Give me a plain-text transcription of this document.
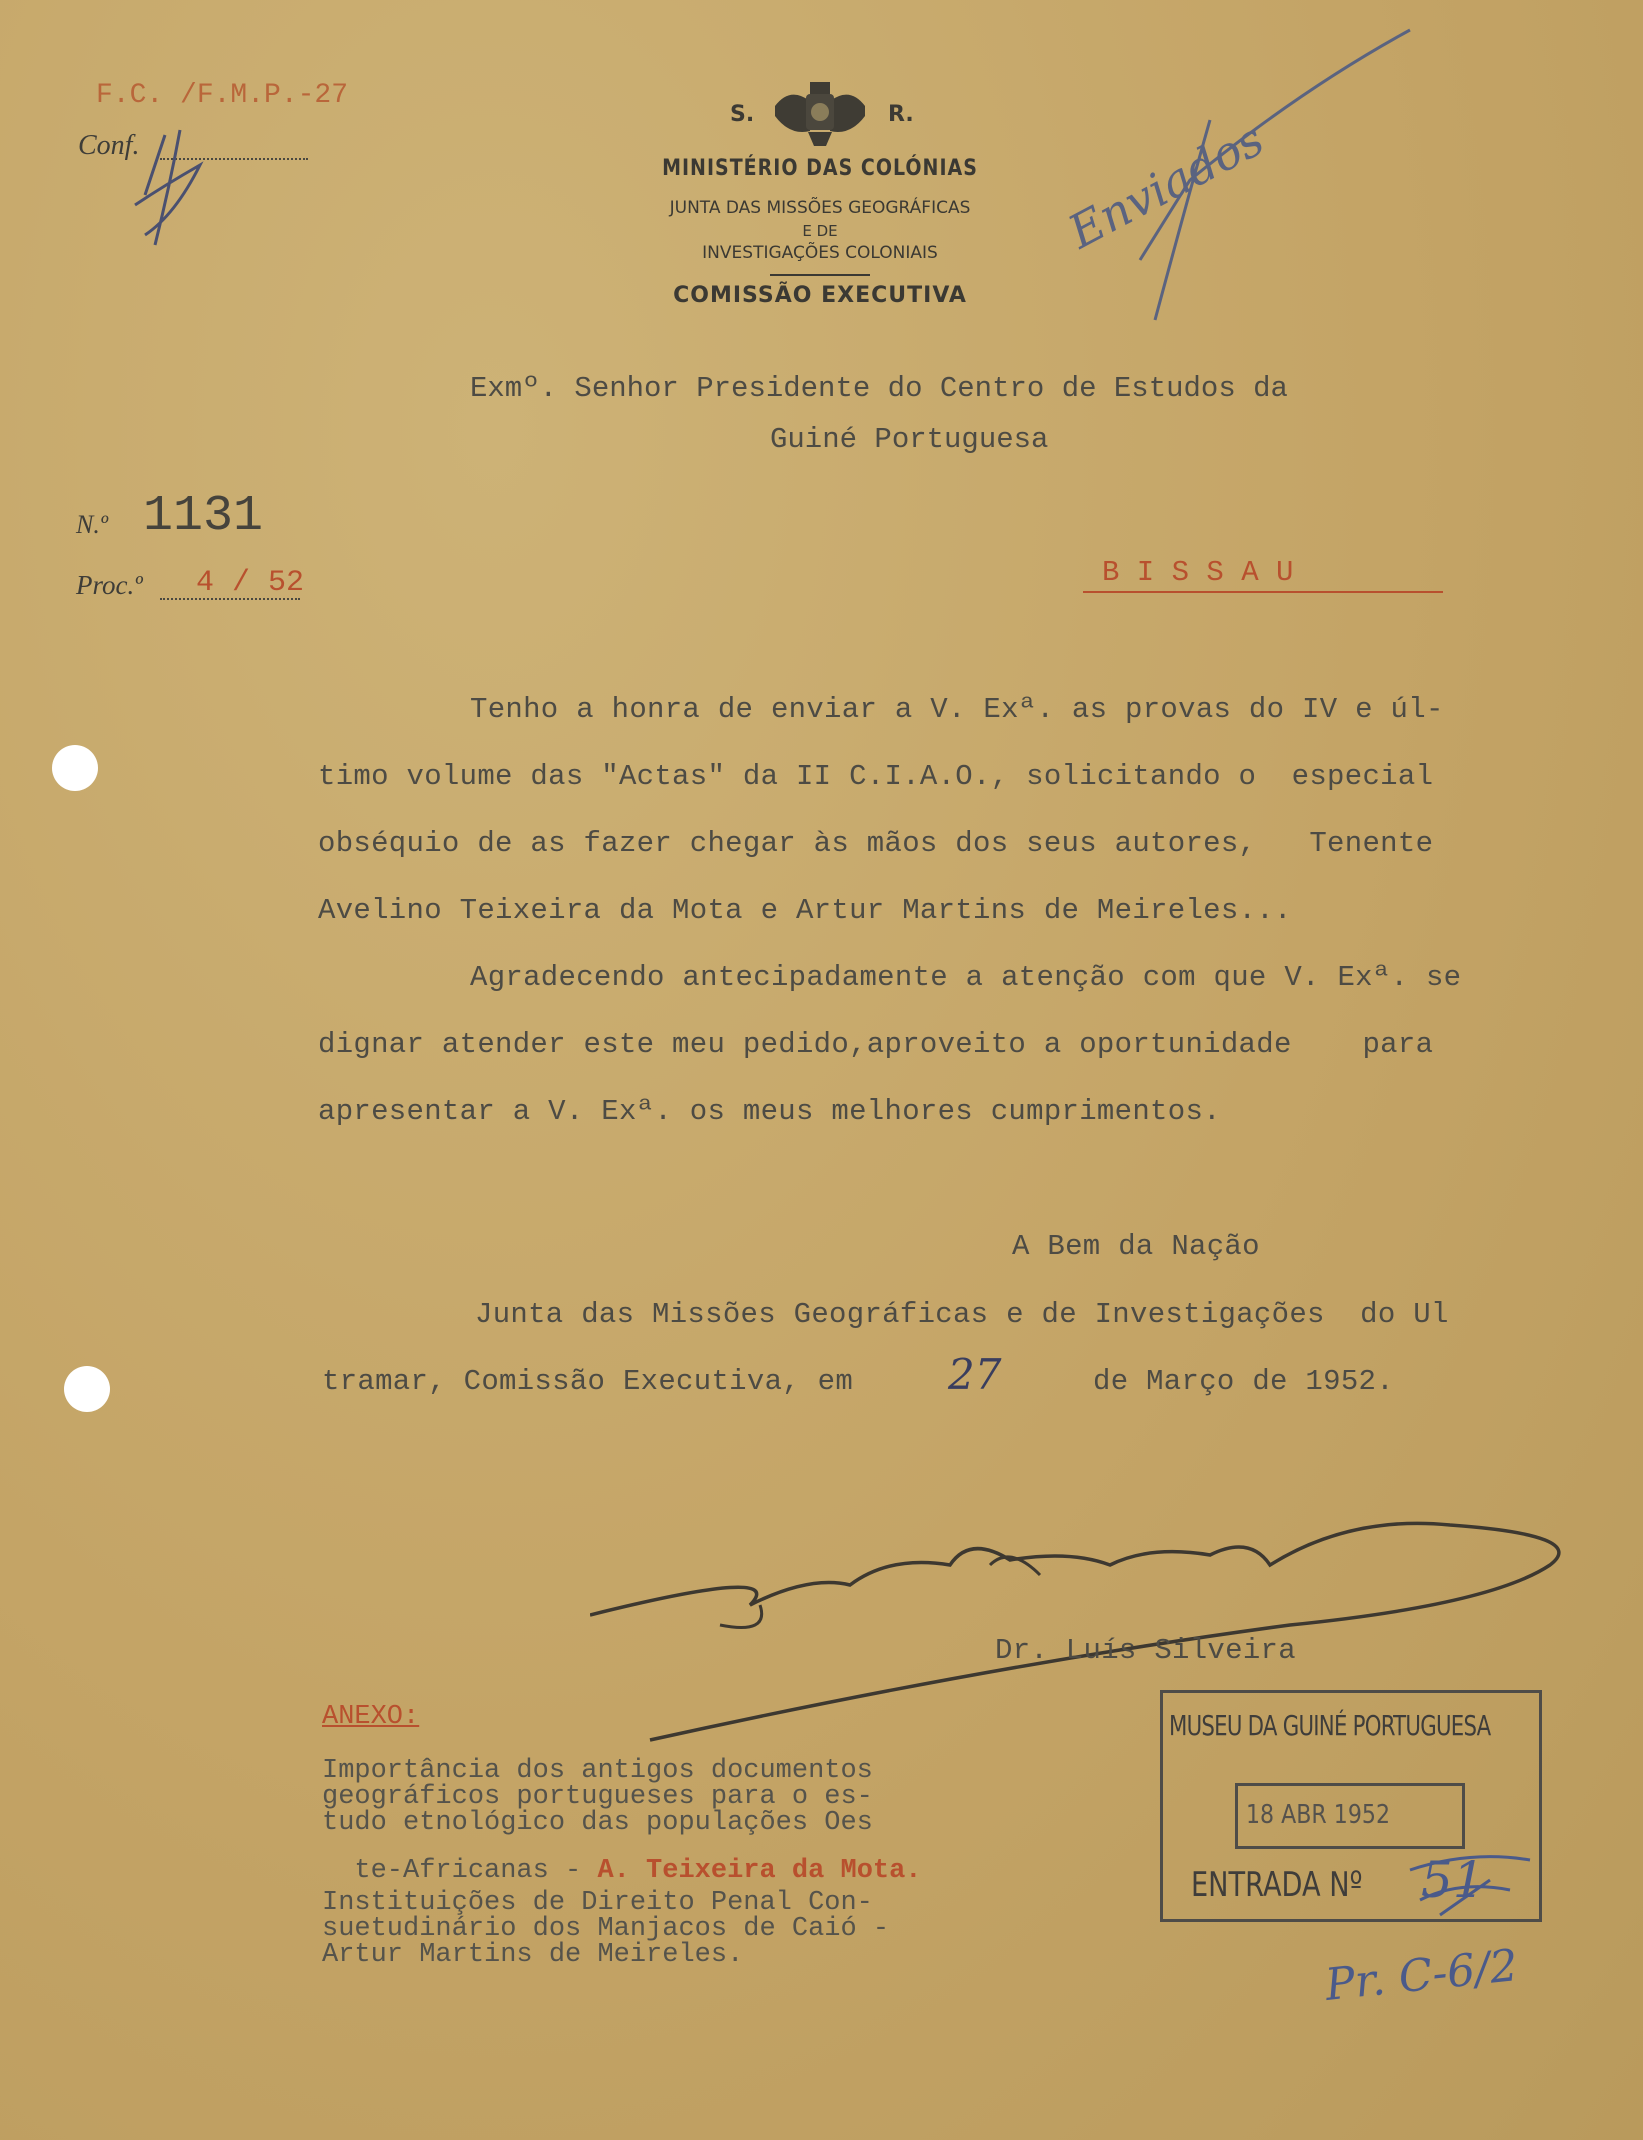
F.C. /F.M.P.-27
Conf.
S.	R.
MINISTÉRIO DAS COLÓNIAS
JUNTA DAS MISSÕES GEOGRÁFICAS
E DE
INVESTIGAÇÕES COLONIAIS
COMISSÃO EXECUTIVA
Enviados
Exmº. Senhor Presidente do Centro de Estudos da
Guiné Portuguesa
N.º 1131
Proc.º 4 / 52	B I S S A U
Tenho a honra de enviar a V. Exª. as provas do IV e úl-
timo volume das "Actas" da II C.I.A.O., solicitando o  especial
obséquio de as fazer chegar às mãos dos seus autores,   Tenente
Avelino Teixeira da Mota e Artur Martins de Meireles...
Agradecendo antecipadamente a atenção com que V. Exª. se
dignar atender este meu pedido,aproveito a oportunidade    para
apresentar a V. Exª. os meus melhores cumprimentos.
A Bem da Nação
Junta das Missões Geográficas e de Investigações  do Ul
tramar, Comissão Executiva, em 27	de Março de 1952.
Dr. Luís Silveira
ANEXO:
Importância dos antigos documentos
geográficos portugueses para o es-
tudo etnológico das populações Oes

te-Africanas - A. Teixeira da Mota.

Instituições de Direito Penal Con-
suetudinário dos Manjacos de Caió -
Artur Martins de Meireles.
MUSEU DA GUINÉ PORTUGUESA
18 ABR 1952
ENTRADA Nº 51
Pr. C-6/2
